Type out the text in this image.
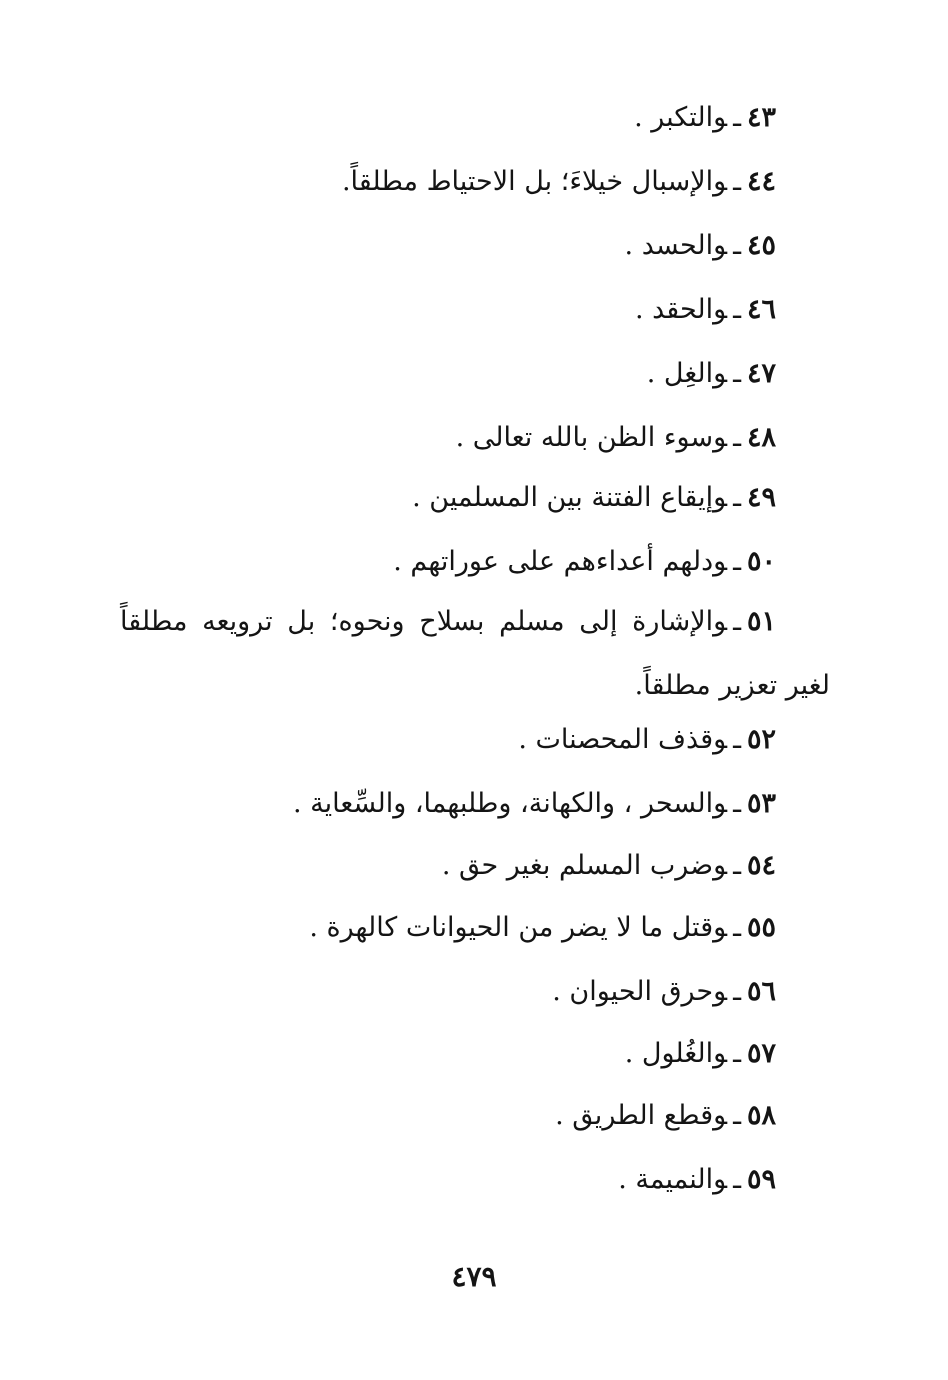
٤٣ـوالتكبر .
٤٤ـوالإسبال خيلاءَ؛ بل الاحتياط مطلقاً.
٤٥ـوالحسد .
٤٦ـوالحقد .
٤٧ـوالغِل .
٤٨ـوسوء الظن بالله تعالى .
٤٩ـوإيقاع الفتنة بين المسلمين .
٥٠ـودلهم أعداءهم على عوراتهم .
٥١ـوالإشارة إلى مسلم بسلاح ونحوه؛ بل ترويعه مطلقاً لغير تعزير مطلقاً.
٥٢ـوقذف المحصنات .
٥٣ـوالسحر ، والكهانة، وطلبهما، والسِّعاية .
٥٤ـوضرب المسلم بغير حق .
٥٥ـوقتل ما لا يضر من الحيوانات كالهرة .
٥٦ـوحرق الحيوان .
٥٧ـوالغُلول .
٥٨ـوقطع الطريق .
٥٩ـوالنميمة .
٤٧٩
